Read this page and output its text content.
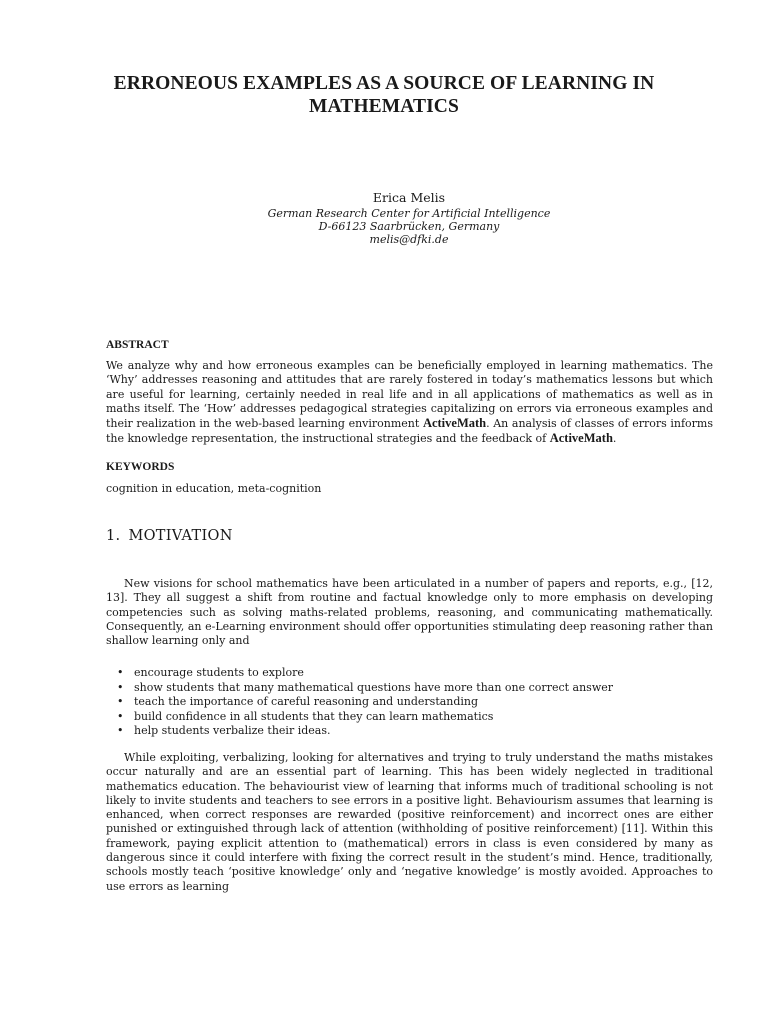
ERRONEOUS EXAMPLES AS A SOURCE OF LEARNING IN MATHEMATICS
Erica Melis
German Research Center for Artificial Intelligence
D-66123 Saarbrücken, Germany
melis@dfki.de
ABSTRACT
We analyze why and how erroneous examples can be beneficially employed in learning mathematics. The ‘Why’ addresses reasoning and attitudes that are rarely fostered in today’s mathematics lessons but which are useful for learning, certainly needed in real life and in all applications of mathematics as well as in maths itself. The ‘How’ addresses pedagogical strategies capitalizing on errors via erroneous examples and their realization in the web-based learning environment ActiveMath. An analysis of classes of errors informs the knowledge representation, the instructional strategies and the feedback of ActiveMath.
KEYWORDS
cognition in education, meta-cognition
1. MOTIVATION
New visions for school mathematics have been articulated in a number of papers and reports, e.g., [12, 13]. They all suggest a shift from routine and factual knowledge only to more emphasis on developing competencies such as solving maths-related problems, reasoning, and communicating mathematically. Consequently, an e-Learning environment should offer opportunities stimulating deep reasoning rather than shallow learning only and
• encourage students to explore
• show students that many mathematical questions have more than one correct answer
• teach the importance of careful reasoning and understanding
• build confidence in all students that they can learn mathematics
• help students verbalize their ideas.
While exploiting, verbalizing, looking for alternatives and trying to truly understand the maths mistakes occur naturally and are an essential part of learning. This has been widely neglected in traditional mathematics education. The behaviourist view of learning that informs much of traditional schooling is not likely to invite students and teachers to see errors in a positive light. Behaviourism assumes that learning is enhanced, when correct responses are rewarded (positive reinforcement) and incorrect ones are either punished or extinguished through lack of attention (withholding of positive reinforcement) [11]. Within this framework, paying explicit attention to (mathematical) errors in class is even considered by many as dangerous since it could interfere with fixing the correct result in the student’s mind. Hence, traditionally, schools mostly teach ‘positive knowledge’ only and ‘negative knowledge’ is mostly avoided. Approaches to use errors as learning
